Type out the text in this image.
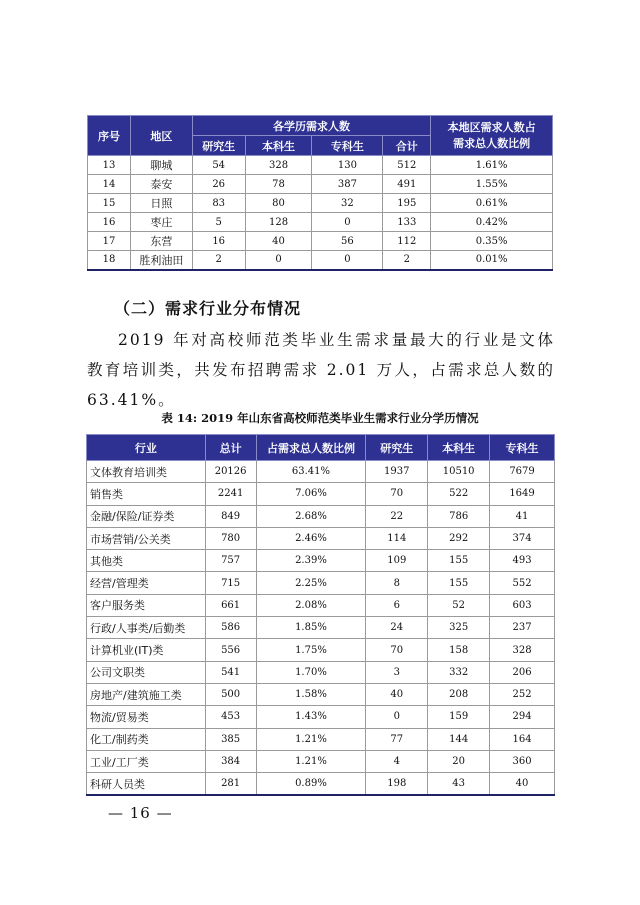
序号	地区	各学历需求人数				本地区需求人数占需求总人数比例
		研究生	本科生	专科生	合计	
13	聊城	54	328	130	512	1.61%
14	泰安	26	78	387	491	1.55%
15	日照	83	80	32	195	0.61%
16	枣庄	5	128	0	133	0.42%
17	东营	16	40	56	112	0.35%
18	胜利油田	2	0	0	2	0.01%
（二）需求行业分布情况

2019 年对高校师范类毕业生需求量最大的行业是文体教育培训类，共发布招聘需求 2.01 万人，占需求总人数的 63.41%。

表 14: 2019 年山东省高校师范类毕业生需求行业分学历情况
行业	总计	占需求总人数比例	研究生	本科生	专科生
文体教育培训类	20126	63.41%	1937	10510	7679
销售类	2241	7.06%	70	522	1649
金融/保险/证券类	849	2.68%	22	786	41
市场营销/公关类	780	2.46%	114	292	374
其他类	757	2.39%	109	155	493
经营/管理类	715	2.25%	8	155	552
客户服务类	661	2.08%	6	52	603
行政/人事类/后勤类	586	1.85%	24	325	237
计算机业(IT)类	556	1.75%	70	158	328
公司文职类	541	1.70%	3	332	206
房地产/建筑施工类	500	1.58%	40	208	252
物流/贸易类	453	1.43%	0	159	294
化工/制药类	385	1.21%	77	144	164
工业/工厂类	384	1.21%	4	20	360
科研人员类	281	0.89%	198	43	40
— 16 —
